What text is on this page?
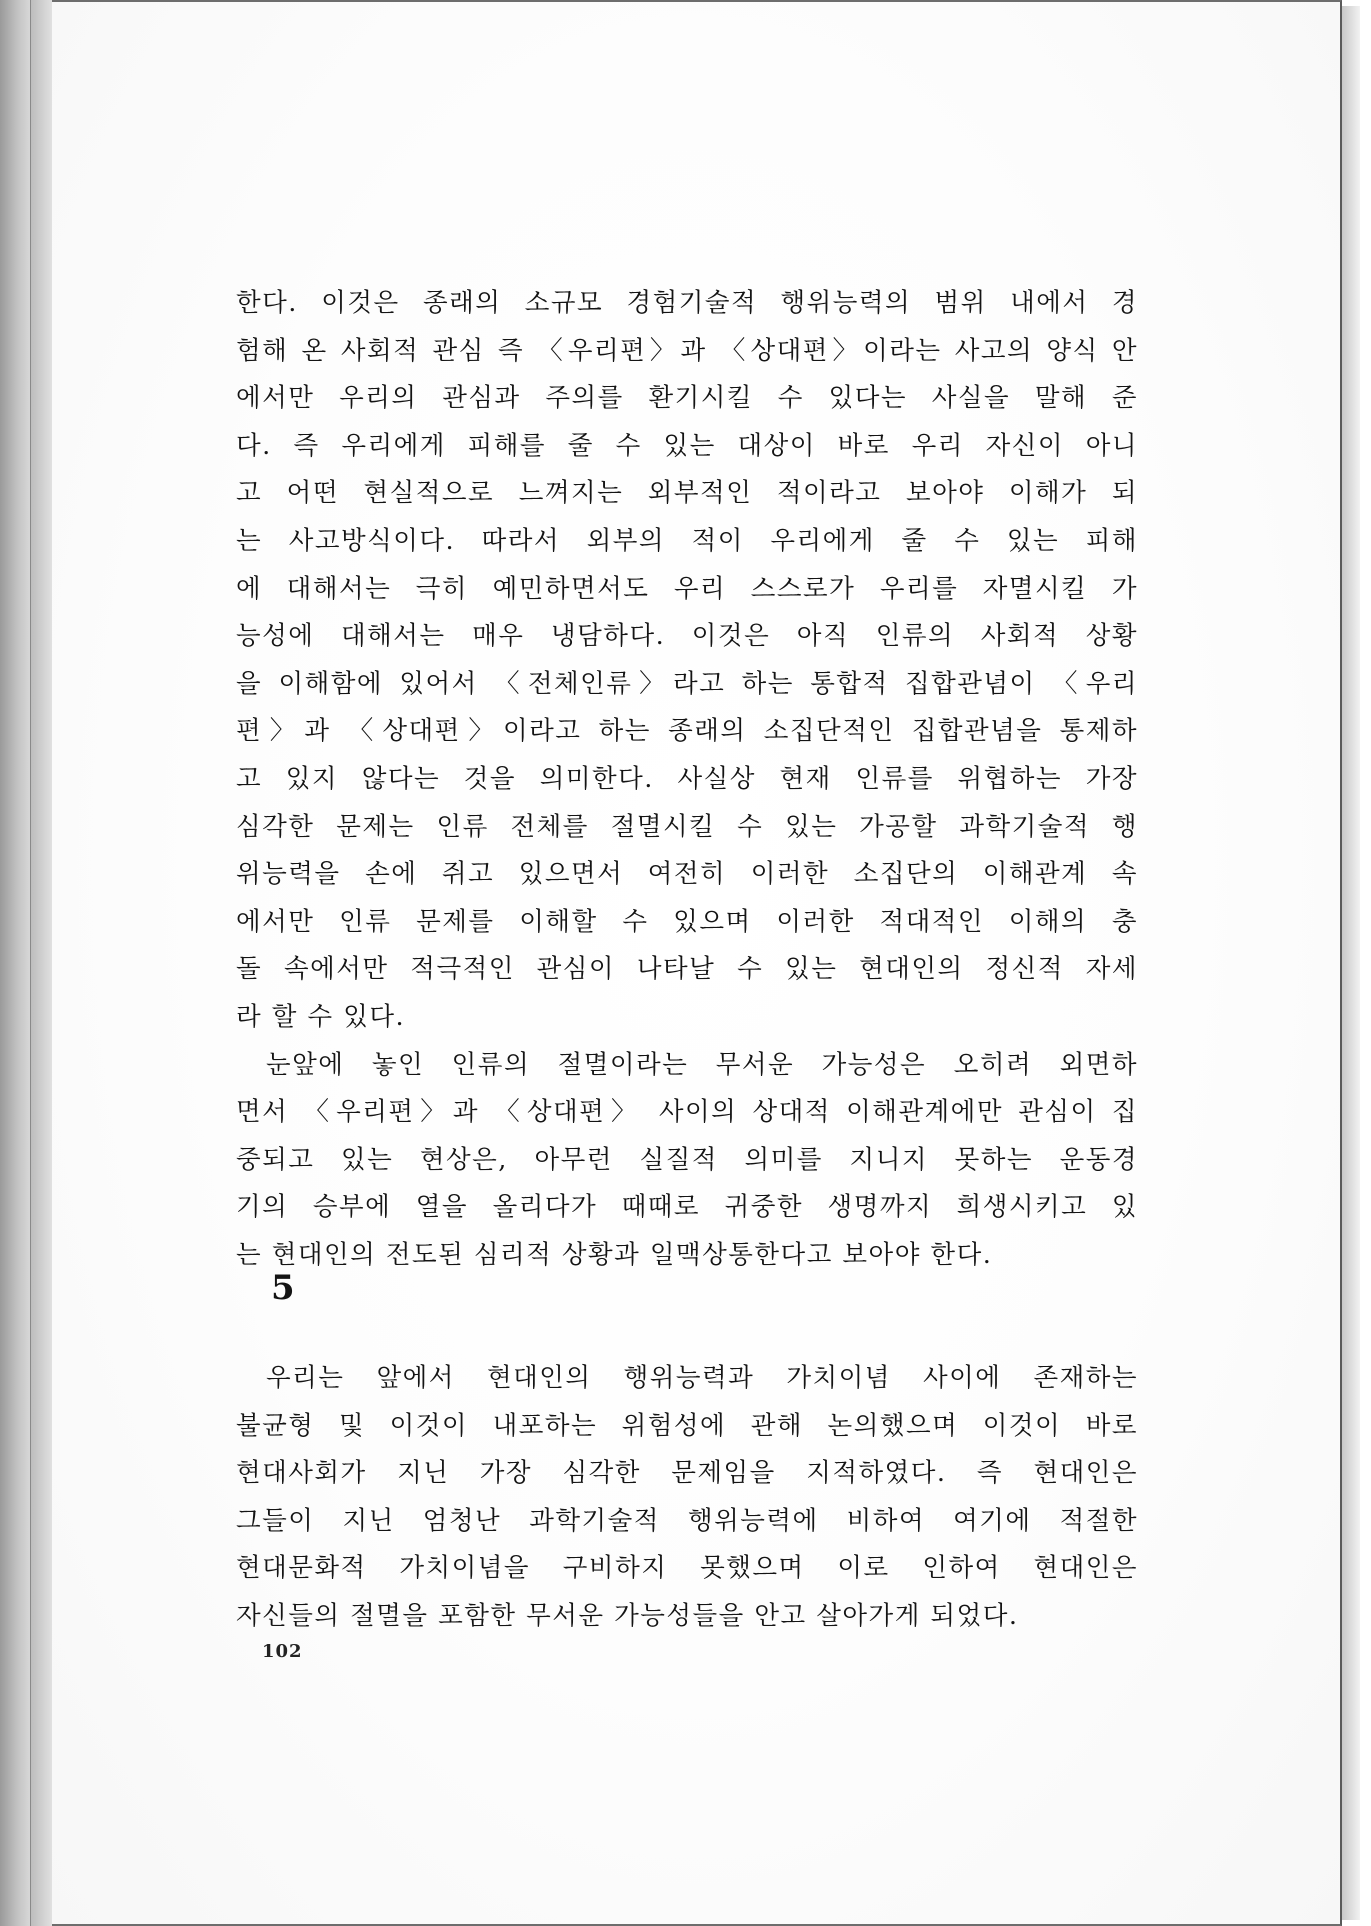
한다. 이것은 종래의 소규모 경험기술적 행위능력의 범위 내에서 경
험해 온 사회적 관심 즉 〈우리편〉과 〈상대편〉이라는 사고의 양식 안
에서만 우리의 관심과 주의를 환기시킬 수 있다는 사실을 말해 준
다. 즉 우리에게 피해를 줄 수 있는 대상이 바로 우리 자신이 아니
고 어떤 현실적으로 느껴지는 외부적인 적이라고 보아야 이해가 되
는 사고방식이다. 따라서 외부의 적이 우리에게 줄 수 있는 피해
에 대해서는 극히 예민하면서도 우리 스스로가 우리를 자멸시킬 가
능성에 대해서는 매우 냉담하다. 이것은 아직 인류의 사회적 상황
을 이해함에 있어서 〈전체인류〉라고 하는 통합적 집합관념이 〈우리
편〉과 〈상대편〉이라고 하는 종래의 소집단적인 집합관념을 통제하
고 있지 않다는 것을 의미한다. 사실상 현재 인류를 위협하는 가장
심각한 문제는 인류 전체를 절멸시킬 수 있는 가공할 과학기술적 행
위능력을 손에 쥐고 있으면서 여전히 이러한 소집단의 이해관계 속
에서만 인류 문제를 이해할 수 있으며 이러한 적대적인 이해의 충
돌 속에서만 적극적인 관심이 나타날 수 있는 현대인의 정신적 자세
라 할 수 있다.
눈앞에 놓인 인류의 절멸이라는 무서운 가능성은 오히려 외면하
면서 〈우리편〉과 〈상대편〉 사이의 상대적 이해관계에만 관심이 집
중되고 있는 현상은, 아무런 실질적 의미를 지니지 못하는 운동경
기의 승부에 열을 올리다가 때때로 귀중한 생명까지 희생시키고 있
는 현대인의 전도된 심리적 상황과 일맥상통한다고 보아야 한다.
5
우리는 앞에서 현대인의 행위능력과 가치이념 사이에 존재하는
불균형 및 이것이 내포하는 위험성에 관해 논의했으며 이것이 바로
현대사회가 지닌 가장 심각한 문제임을 지적하였다. 즉 현대인은
그들이 지닌 엄청난 과학기술적 행위능력에 비하여 여기에 적절한
현대문화적 가치이념을 구비하지 못했으며 이로 인하여 현대인은
자신들의 절멸을 포함한 무서운 가능성들을 안고 살아가게 되었다.
102
